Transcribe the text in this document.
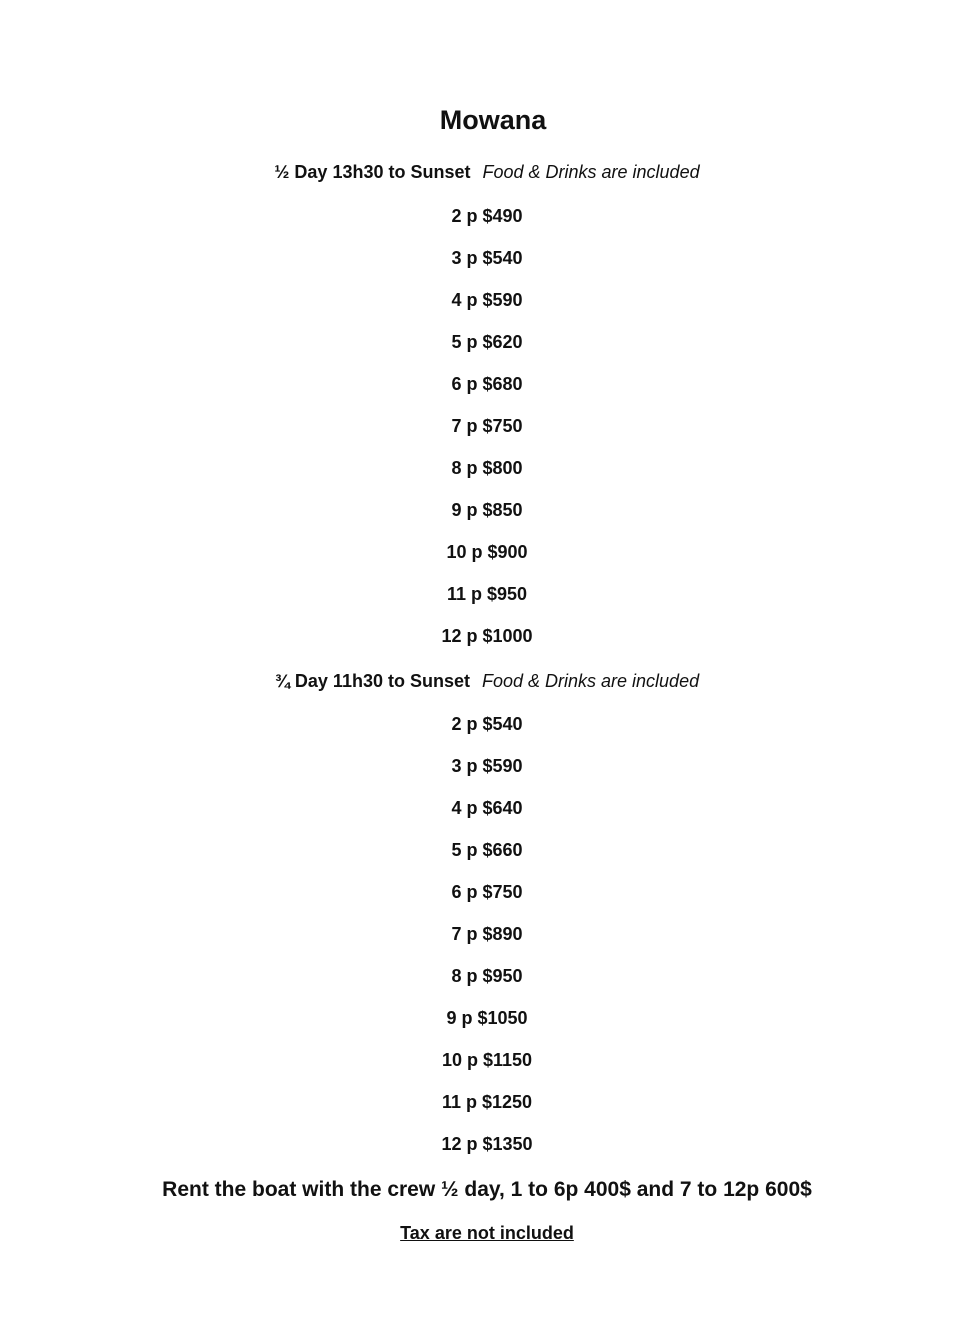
Mowana
½ Day 13h30 to Sunset Food & Drinks are included
2 p $490
3 p $540
4 p $590
5 p $620
6 p $680
7 p $750
8 p $800
9 p $850
10 p $900
11 p $950
12 p $1000
¾ Day 11h30 to Sunset Food & Drinks are included
2 p $540
3 p $590
4 p $640
5 p $660
6 p $750
7 p $890
8 p $950
9 p $1050
10 p $1150
11 p $1250
12 p $1350
Rent the boat with the crew ½ day, 1 to 6p 400$ and 7 to 12p 600$
Tax are not included
